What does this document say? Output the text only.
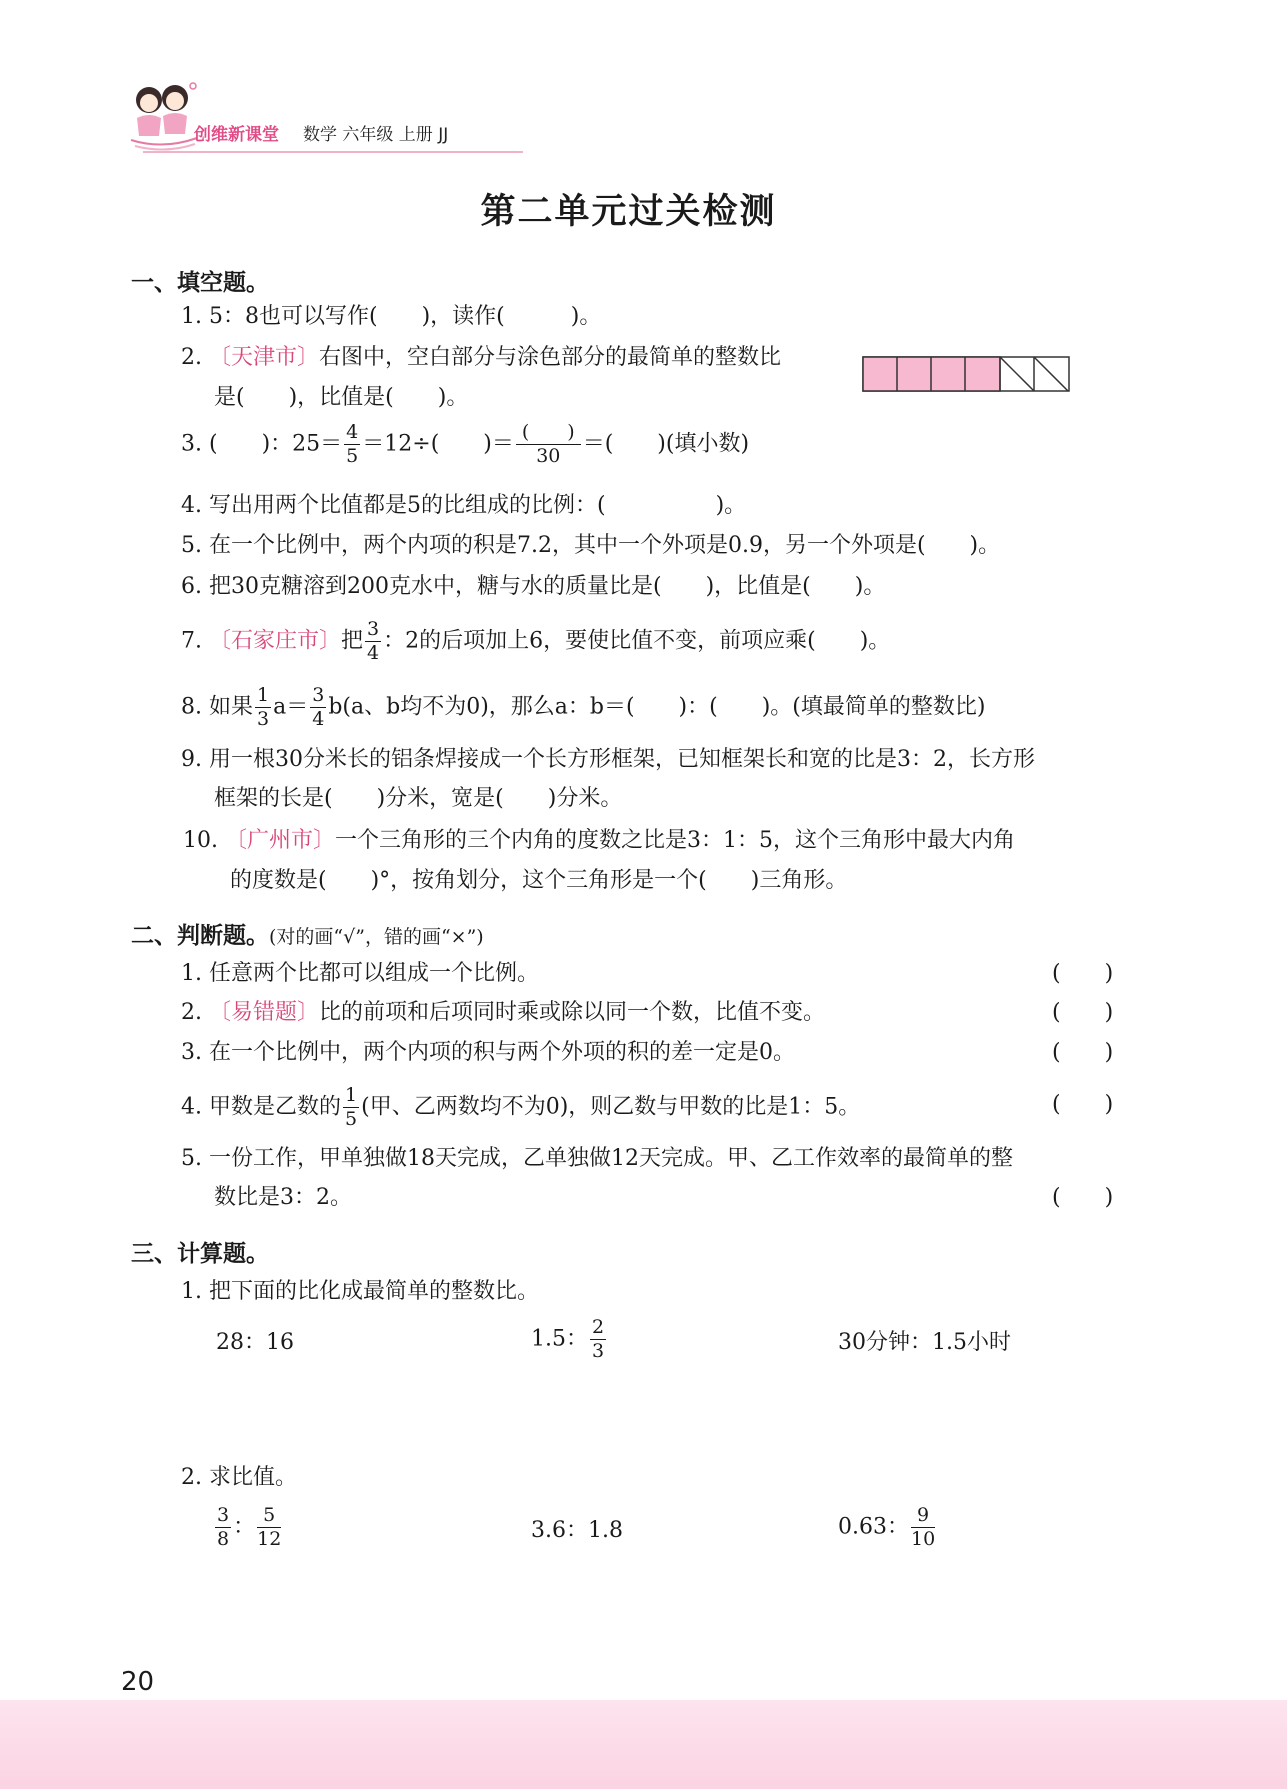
创维新课堂 数学 六年级 上册 JJ
第二单元过关检测
一、填空题。
1. 5：8也可以写作(　　)，读作(　　　)。
2. 〔天津市〕右图中，空白部分与涂色部分的最简单的整数比
是(　　)，比值是(　　)。
3. (　　)：$25= \frac{4}{5} =12\div$(　　)＝ $\frac{( )}{30}$ ＝(　　)(填小数)
4. 写出用两个比值都是5的比组成的比例：(　　　　　)。
5. 在一个比例中，两个内项的积是7.2，其中一个外项是0.9，另一个外项是(　　)。
6. 把30克糖溶到200克水中，糖与水的质量比是(　　)，比值是(　　)。
7. 〔石家庄市〕把 $\frac{3}{4}$ ：2的后项加上6，要使比值不变，前项应乘(　　)。
8. 如果 $\frac{1}{3} a= \frac{3}{4} b(a$、b均不为0)，那么a：b＝(　　)：(　　)。(填最简单的整数比)
9. 用一根30分米长的铝条焊接成一个长方形框架，已知框架长和宽的比是3：2，长方形
框架的长是(　　)分米，宽是(　　)分米。
10. 〔广州市〕一个三角形的三个内角的度数之比是3：1：5，这个三角形中最大内角
的度数是(　　)°，按角划分，这个三角形是一个(　　)三角形。
二、判断题。(对的画“√”，错的画“×”)
1. 任意两个比都可以组成一个比例。	(　　)
2. 〔易错题〕比的前项和后项同时乘或除以同一个数，比值不变。	(　　)
3. 在一个比例中，两个内项的积与两个外项的积的差一定是0。	(　　)
4. 甲数是乙数的 $\frac{1}{5}$ (甲、乙两数均不为0)，则乙数与甲数的比是1：5。	(　　)
5. 一份工作，甲单独做18天完成，乙单独做12天完成。甲、乙工作效率的最简单的整
数比是3：2。	(　　)
三、计算题。
1. 把下面的比化成最简单的整数比。
28：16	1.5： $\frac{2}{3}$	30分钟：1.5小时
2. 求比值。
$\frac{3}{8}$ ： $\frac{5}{12}$	3.6：1.8	0.63： $\frac{9}{10}$
20
